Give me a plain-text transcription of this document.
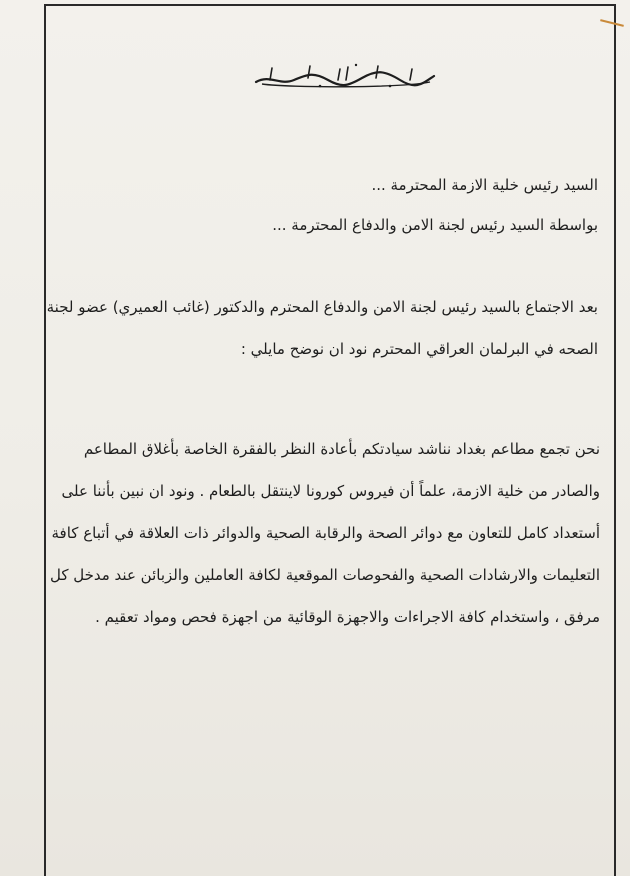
السيد رئيس خلية الازمة المحترمة ...
بواسطة السيد رئيس لجنة الامن والدفاع المحترمة ...
بعد الاجتماع بالسيد رئيس لجنة الامن والدفاع المحترم والدكتور (غائب العميري) عضو لجنة
الصحه في البرلمان العراقي المحترم نود ان نوضح مايلي :
نحن تجمع مطاعم بغداد نناشد سيادتكم بأعادة النظر بالفقرة الخاصة بأغلاق المطاعم
والصادر من خلية الازمة، علماً أن فيروس كورونا لاينتقل بالطعام . ونود ان نبين بأننا على
أستعداد كامل للتعاون مع دوائر الصحة والرقابة الصحية والدوائر ذات العلاقة في أتباع كافة
التعليمات والارشادات الصحية والفحوصات الموقعية لكافة العاملين والزبائن عند مدخل كل
مرفق ، واستخدام كافة الاجراءات والاجهزة الوقائية من اجهزة فحص ومواد تعقيم .
